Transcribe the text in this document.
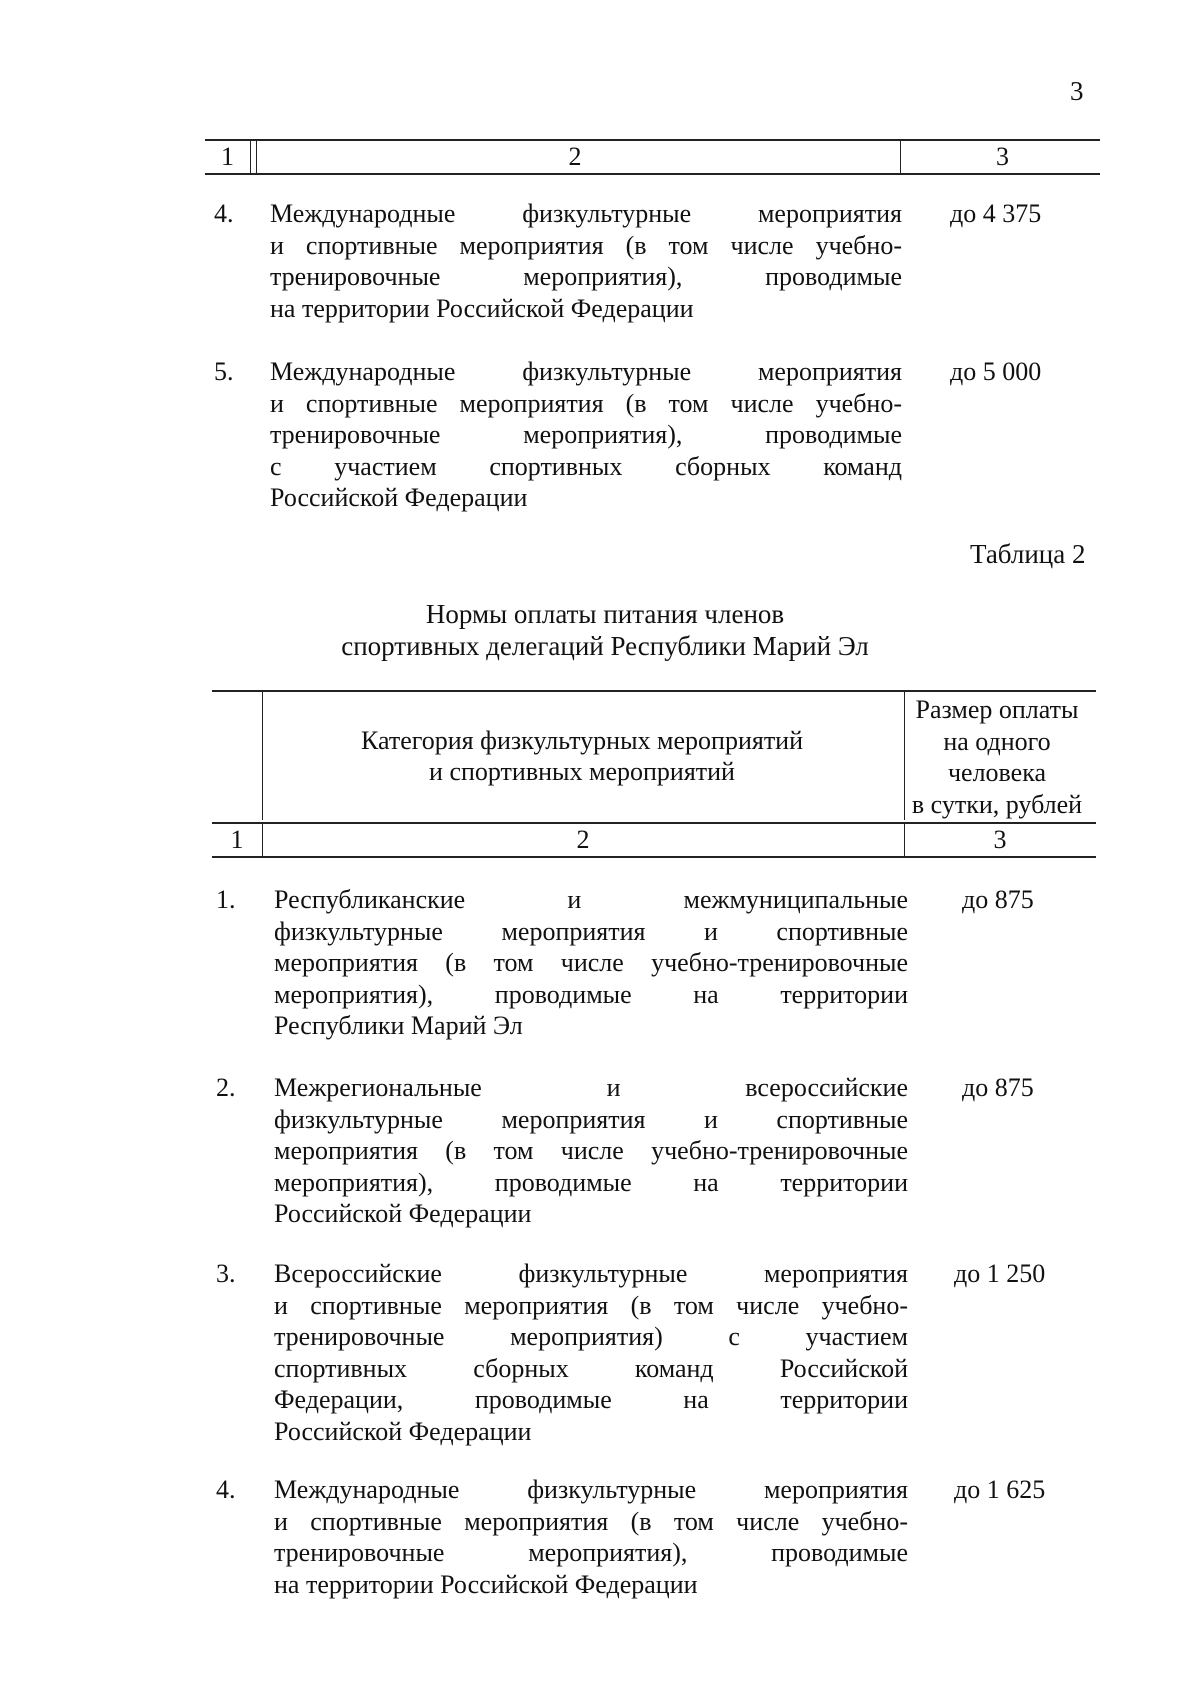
3
1	2	3
4. Международные физкультурные мероприятия
и спортивные мероприятия (в том числе учебно-
тренировочные мероприятия), проводимые
на территории Российской Федерации
до 4 375
5. Международные физкультурные мероприятия
и спортивные мероприятия (в том числе учебно-
тренировочные мероприятия), проводимые
с участием спортивных сборных команд
Российской Федерации
до 5 000
Таблица 2
Нормы оплаты питания членов
спортивных делегаций Республики Марий Эл
Категория физкультурных мероприятий
и спортивных мероприятий
Размер оплаты
на одного
человека
в сутки, рублей
1	2	3
1. Республиканские и межмуниципальные
физкультурные мероприятия и спортивные
мероприятия (в том числе учебно-тренировочные
мероприятия), проводимые на территории
Республики Марий Эл
до 875
2. Межрегиональные и всероссийские
физкультурные мероприятия и спортивные
мероприятия (в том числе учебно-тренировочные
мероприятия), проводимые на территории
Российской Федерации
до 875
3. Всероссийские физкультурные мероприятия
и спортивные мероприятия (в том числе учебно-
тренировочные мероприятия) с участием
спортивных сборных команд Российской
Федерации, проводимые на территории
Российской Федерации
до 1 250
4. Международные физкультурные мероприятия
и спортивные мероприятия (в том числе учебно-
тренировочные мероприятия), проводимые
на территории Российской Федерации
до 1 625
